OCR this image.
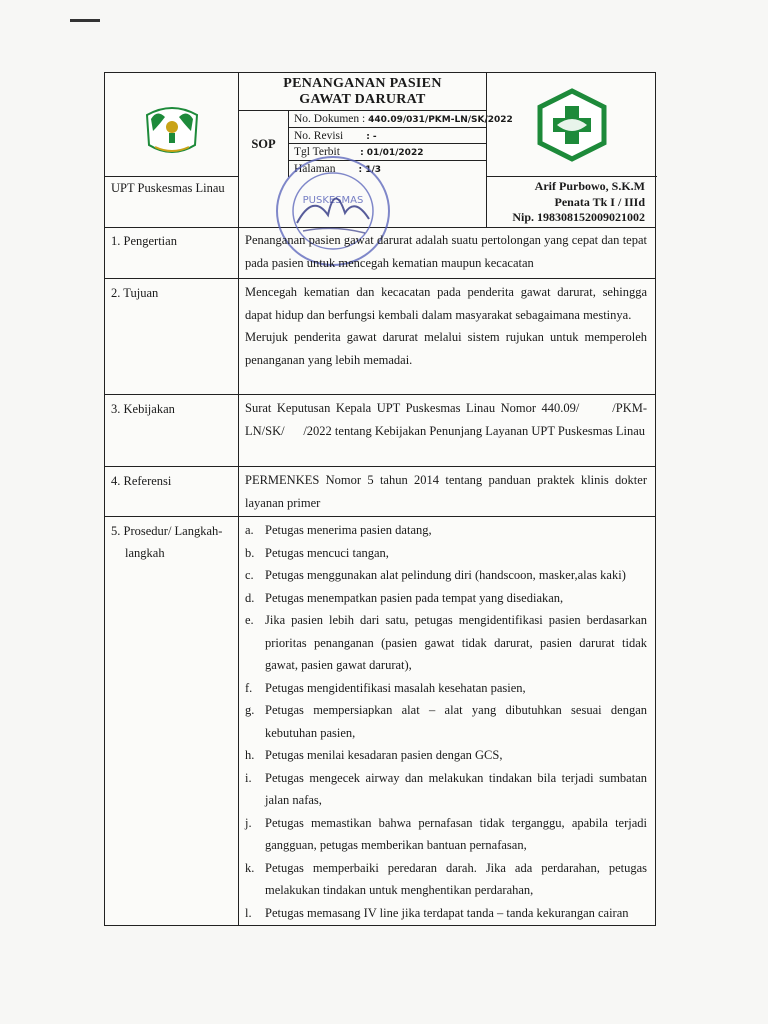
UPT Puskesmas Linau
PENANGANAN PASIEN
GAWAT DARURAT
SOP
No. Dokumen : 440.09/031/PKM-LN/SK/2022
No. Revisi	: -
Tgl Terbit : 01/01/2022
Halaman	: 1/3
Arif Purbowo, S.K.M
Penata Tk I / IIId
Nip. 198308152009021002
PUSKESMAS
1. Pengertian	Penanganan pasien gawat darurat adalah suatu pertolongan yang cepat dan tepat pada pasien untuk mencegah kematian maupun kecacatan

2. Tujuan	Mencegah kematian dan kecacatan pada penderita gawat darurat, sehingga dapat hidup dan berfungsi kembali dalam masyarakat sebagaimana mestinya.

Merujuk penderita gawat darurat melalui sistem rujukan untuk memperoleh penanganan yang lebih memadai.

3. Kebijakan	Surat Keputusan Kepala UPT Puskesmas Linau Nomor 440.09/      /PKM-LN/SK/      /2022 tentang Kebijakan Penunjang Layanan UPT Puskesmas Linau

4. Referensi	PERMENKES Nomor 5 tahun 2014 tentang panduan praktek klinis dokter layanan primer

5. Prosedur/ Langkah-
langkah
a. Petugas menerima pasien datang,
b. Petugas mencuci tangan,
c. Petugas menggunakan alat pelindung diri (handscoon, masker,alas kaki)
d. Petugas menempatkan pasien pada tempat yang disediakan,
e. Jika pasien lebih dari satu, petugas mengidentifikasi pasien berdasarkan prioritas penanganan (pasien gawat tidak darurat, pasien darurat tidak gawat, pasien gawat darurat),
f. Petugas mengidentifikasi masalah kesehatan pasien,
g. Petugas mempersiapkan alat – alat yang dibutuhkan sesuai dengan kebutuhan pasien,
h. Petugas menilai kesadaran pasien dengan GCS,
i. Petugas mengecek airway dan melakukan tindakan bila terjadi sumbatan jalan nafas,
j. Petugas memastikan bahwa pernafasan tidak terganggu, apabila terjadi gangguan, petugas memberikan bantuan pernafasan,
k. Petugas memperbaiki peredaran darah. Jika ada perdarahan, petugas melakukan tindakan untuk menghentikan perdarahan,
l. Petugas memasang IV line jika terdapat tanda – tanda kekurangan cairan
